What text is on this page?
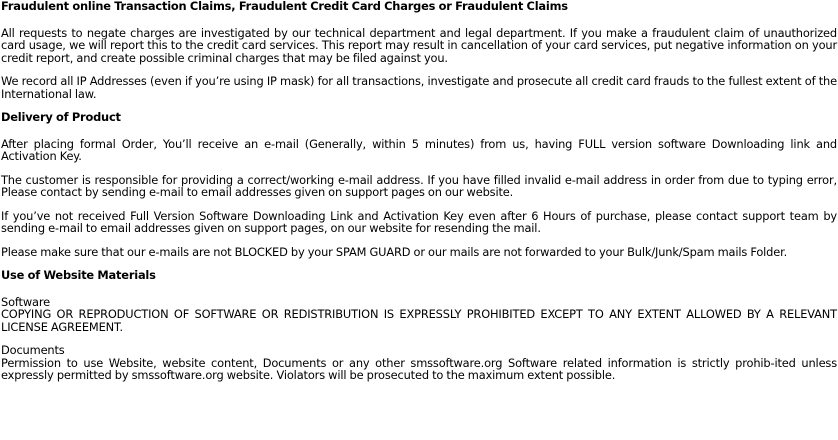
Fraudulent online Transaction Claims, Fraudulent Credit Card Charges or Fraudulent Claims

All requests to negate charges are investigated by our technical department and legal department. If you make a fraudulent claim of unauthorized card usage, we will report this to the credit card services. This report may result in cancellation of your card services, put negative information on your credit report, and create possible criminal charges that may be filed against you.

We record all IP Addresses (even if you’re using IP mask) for all transactions, investigate and prosecute all credit card frauds to the fullest extent of the International law.

Delivery of Product

After placing formal Order, You’ll receive an e-mail (Generally, within 5 minutes) from us, having FULL version software Downloading link and Activation Key.

The customer is responsible for providing a correct/working e-mail address. If you have filled invalid e-mail address in order from due to typing error, Please contact by sending e-mail to email addresses given on support pages on our website.

If you’ve not received Full Version Software Downloading Link and Activation Key even after 6 Hours of purchase, please contact support team by sending e-mail to email addresses given on support pages, on our website for resending the mail.

Please make sure that our e-mails are not BLOCKED by your SPAM GUARD or our mails are not forwarded to your Bulk/Junk/Spam mails Folder.

Use of Website Materials

Software

COPYING OR REPRODUCTION OF SOFTWARE OR REDISTRIBUTION IS EXPRESSLY PROHIBITED EXCEPT TO ANY EXTENT ALLOWED BY A RELEVANT LICENSE AGREEMENT.

Documents

Permission to use Website, website content, Documents or any other smssoftware.org Software related information is strictly prohib-ited unless expressly permitted by smssoftware.org website. Violators will be prosecuted to the maximum extent possible.
